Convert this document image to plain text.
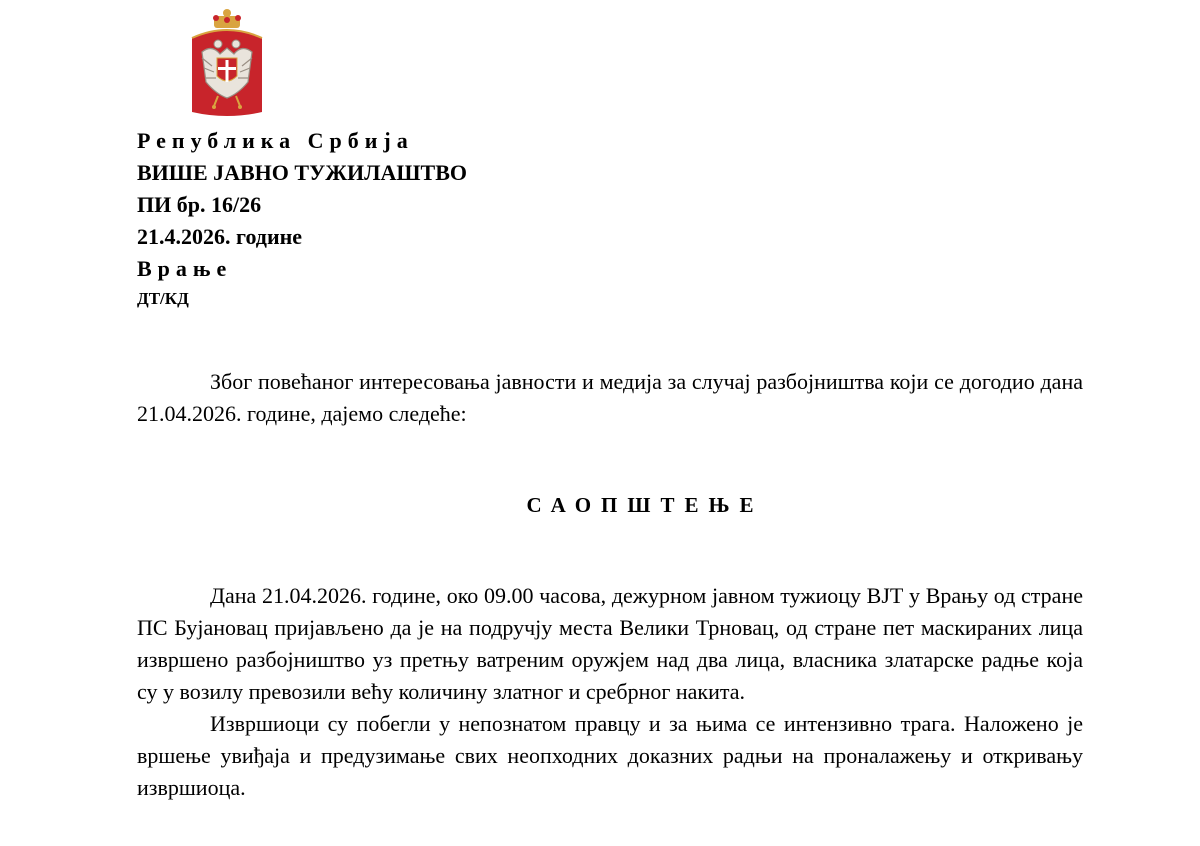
Република Србија

ВИШЕ ЈАВНО ТУЖИЛАШТВО

ПИ бр. 16/26

21.4.2026. године

Врање

ДТ/КД

Због повећаног интересовања јавности и медија за случај разбојништва који се догодио дана 21.04.2026. године, дајемо следеће:

САОПШТЕЊЕ

Дана 21.04.2026. године, око 09.00 часова, дежурном јавном тужиоцу ВЈТ у Врању од стране ПС Бујановац пријављено да је на подручју места Велики Трновац, од стране пет маскираних лица извршено разбојништво уз претњу ватреним оружјем над два лица, власника златарске радње која су у возилу превозили већу количину златног и сребрног накита.

Извршиоци су побегли у непознатом правцу и за њима се интензивно трага. Наложено је вршење увиђаја и предузимање свих неопходних доказних радњи на проналажењу и откривању извршиоца.
